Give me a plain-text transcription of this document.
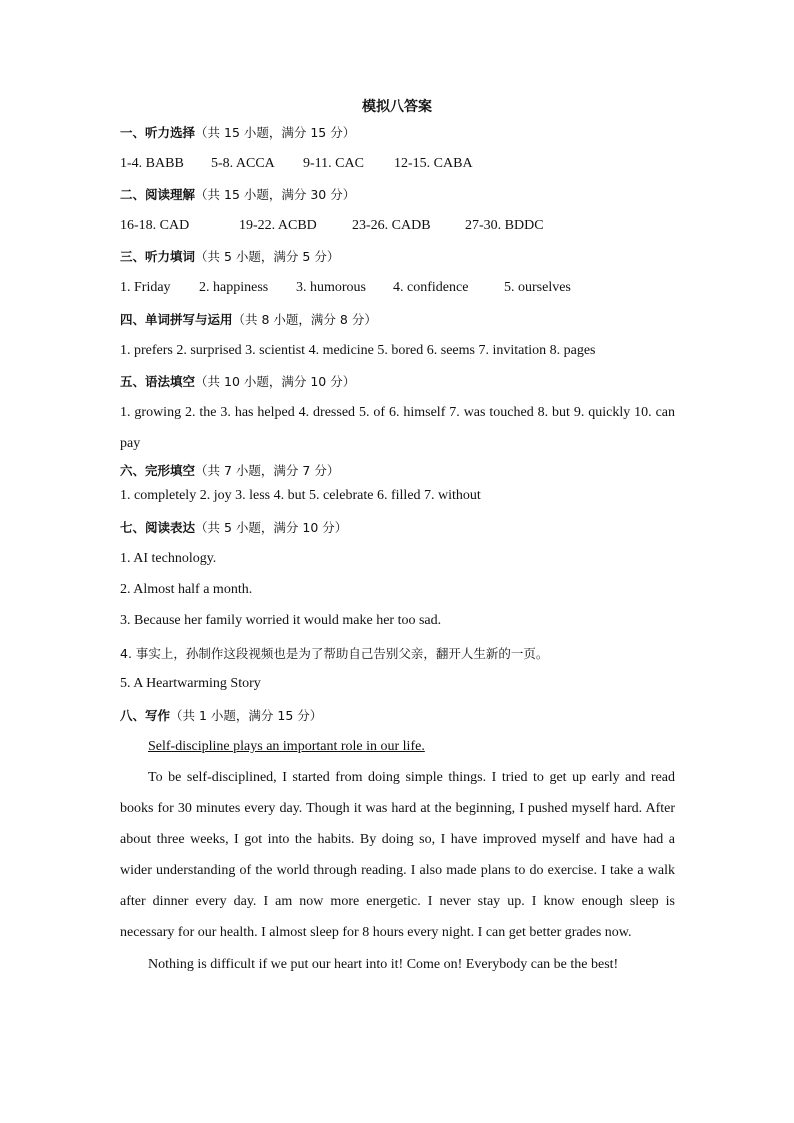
模拟八答案
一、听力选择（共 15 小题，满分 15 分）
1-4. BABB 5-8. ACCA 9-11. CAC 12-15. CABA
二、阅读理解（共 15 小题，满分 30 分）
16-18. CAD	19-22. ACBD	23-26. CADB 27-30. BDDC
三、听力填词（共 5 小题，满分 5 分）
1. Friday 2. happiness 3. humorous 4. confidence	5. ourselves
四、单词拼写与运用（共 8 小题，满分 8 分）
1. prefers 2. surprised 3. scientist 4. medicine 5. bored 6. seems 7. invitation 8. pages
五、语法填空（共 10 小题，满分 10 分）
1. growing 2. the 3. has helped 4. dressed 5. of 6. himself 7. was touched 8. but 9. quickly 10. can
pay
六、完形填空（共 7 小题，满分 7 分）
1. completely 2. joy 3. less 4. but 5. celebrate 6. filled 7. without
七、阅读表达（共 5 小题，满分 10 分）
1. AI technology.
2. Almost half a month.
3. Because her family worried it would make her too sad.
4. 事实上，孙制作这段视频也是为了帮助自己告别父亲，翻开人生新的一页。
5. A Heartwarming Story
八、写作（共 1 小题，满分 15 分）
Self-discipline plays an important role in our life.
To be self-disciplined, I started from doing simple things. I tried to get up early and read
books for 30 minutes every day. Though it was hard at the beginning, I pushed myself hard. After
about three weeks, I got into the habits. By doing so, I have improved myself and have had a
wider understanding of the world through reading. I also made plans to do exercise. I take a walk
after dinner every day. I am now more energetic. I never stay up. I know enough sleep is
necessary for our health. I almost sleep for 8 hours every night. I can get better grades now.
Nothing is difficult if we put our heart into it! Come on! Everybody can be the best!
